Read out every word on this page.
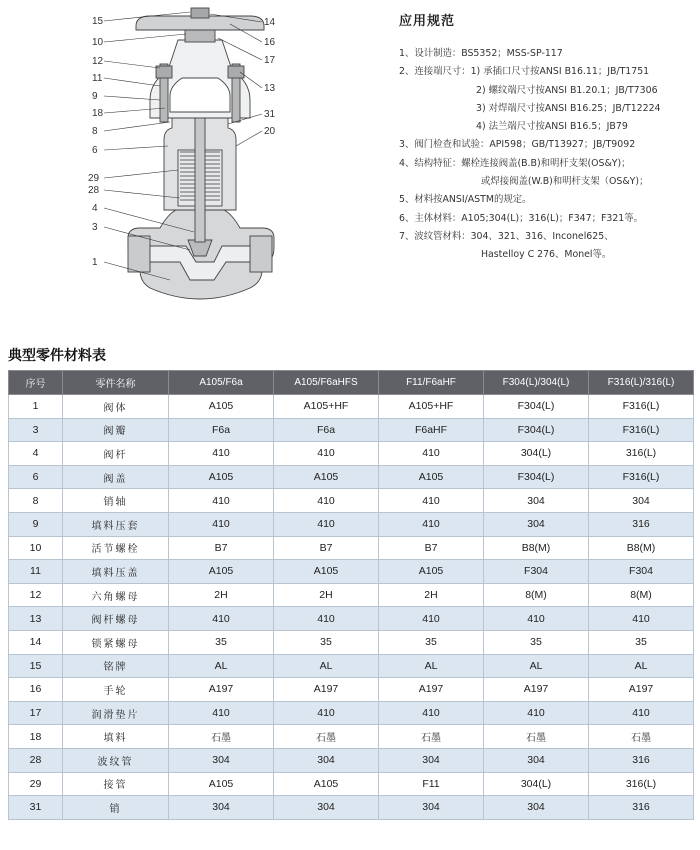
15
10
12
11
9
18
8
6
29
28
4
3
1
14
16
17
13
31
20
应用规范
1、设计制造：BS5352；MSS-SP-117
2、连接端尺寸：1) 承插口尺寸按ANSI B16.11；JB/T1751
2) 螺纹端尺寸按ANSI B1.20.1；JB/T7306
3) 对焊端尺寸按ANSI B16.25；JB/T12224
4) 法兰端尺寸按ANSI B16.5；JB79
3、阀门检查和试验：API598；GB/T13927；JB/T9092
4、结构特征：螺栓连接阀盖(B.B)和明杆支架(OS&Y)；
或焊接阀盖(W.B)和明杆支架（OS&Y)；
5、材料按ANSI/ASTM的规定。
6、主体材料：A105;304(L)；316(L)；F347；F321等。
7、波纹管材料：304、321、316、Inconel625、
Hastelloy C 276、Monel等。
典型零件材料表
序号	零件名称	A105/F6a	A105/F6aHFS	F11/F6aHF	F304(L)/304(L)	F316(L)/316(L)
1	阀体	A105	A105+HF	A105+HF	F304(L)	F316(L)
3	阀瓣	F6a	F6a	F6aHF	F304(L)	F316(L)
4	阀杆	410	410	410	304(L)	316(L)
6	阀盖	A105	A105	A105	F304(L)	F316(L)
8	销轴	410	410	410	304	304
9	填料压套	410	410	410	304	316
10	活节螺栓	B7	B7	B7	B8(M)	B8(M)
11	填料压盖	A105	A105	A105	F304	F304
12	六角螺母	2H	2H	2H	8(M)	8(M)
13	阀杆螺母	410	410	410	410	410
14	锁紧螺母	35	35	35	35	35
15	铭牌	AL	AL	AL	AL	AL
16	手轮	A197	A197	A197	A197	A197
17	润滑垫片	410	410	410	410	410
18	填料	石墨	石墨	石墨	石墨	石墨
28	波纹管	304	304	304	304	316
29	接管	A105	A105	F11	304(L)	316(L)
31	销	304	304	304	304	316
